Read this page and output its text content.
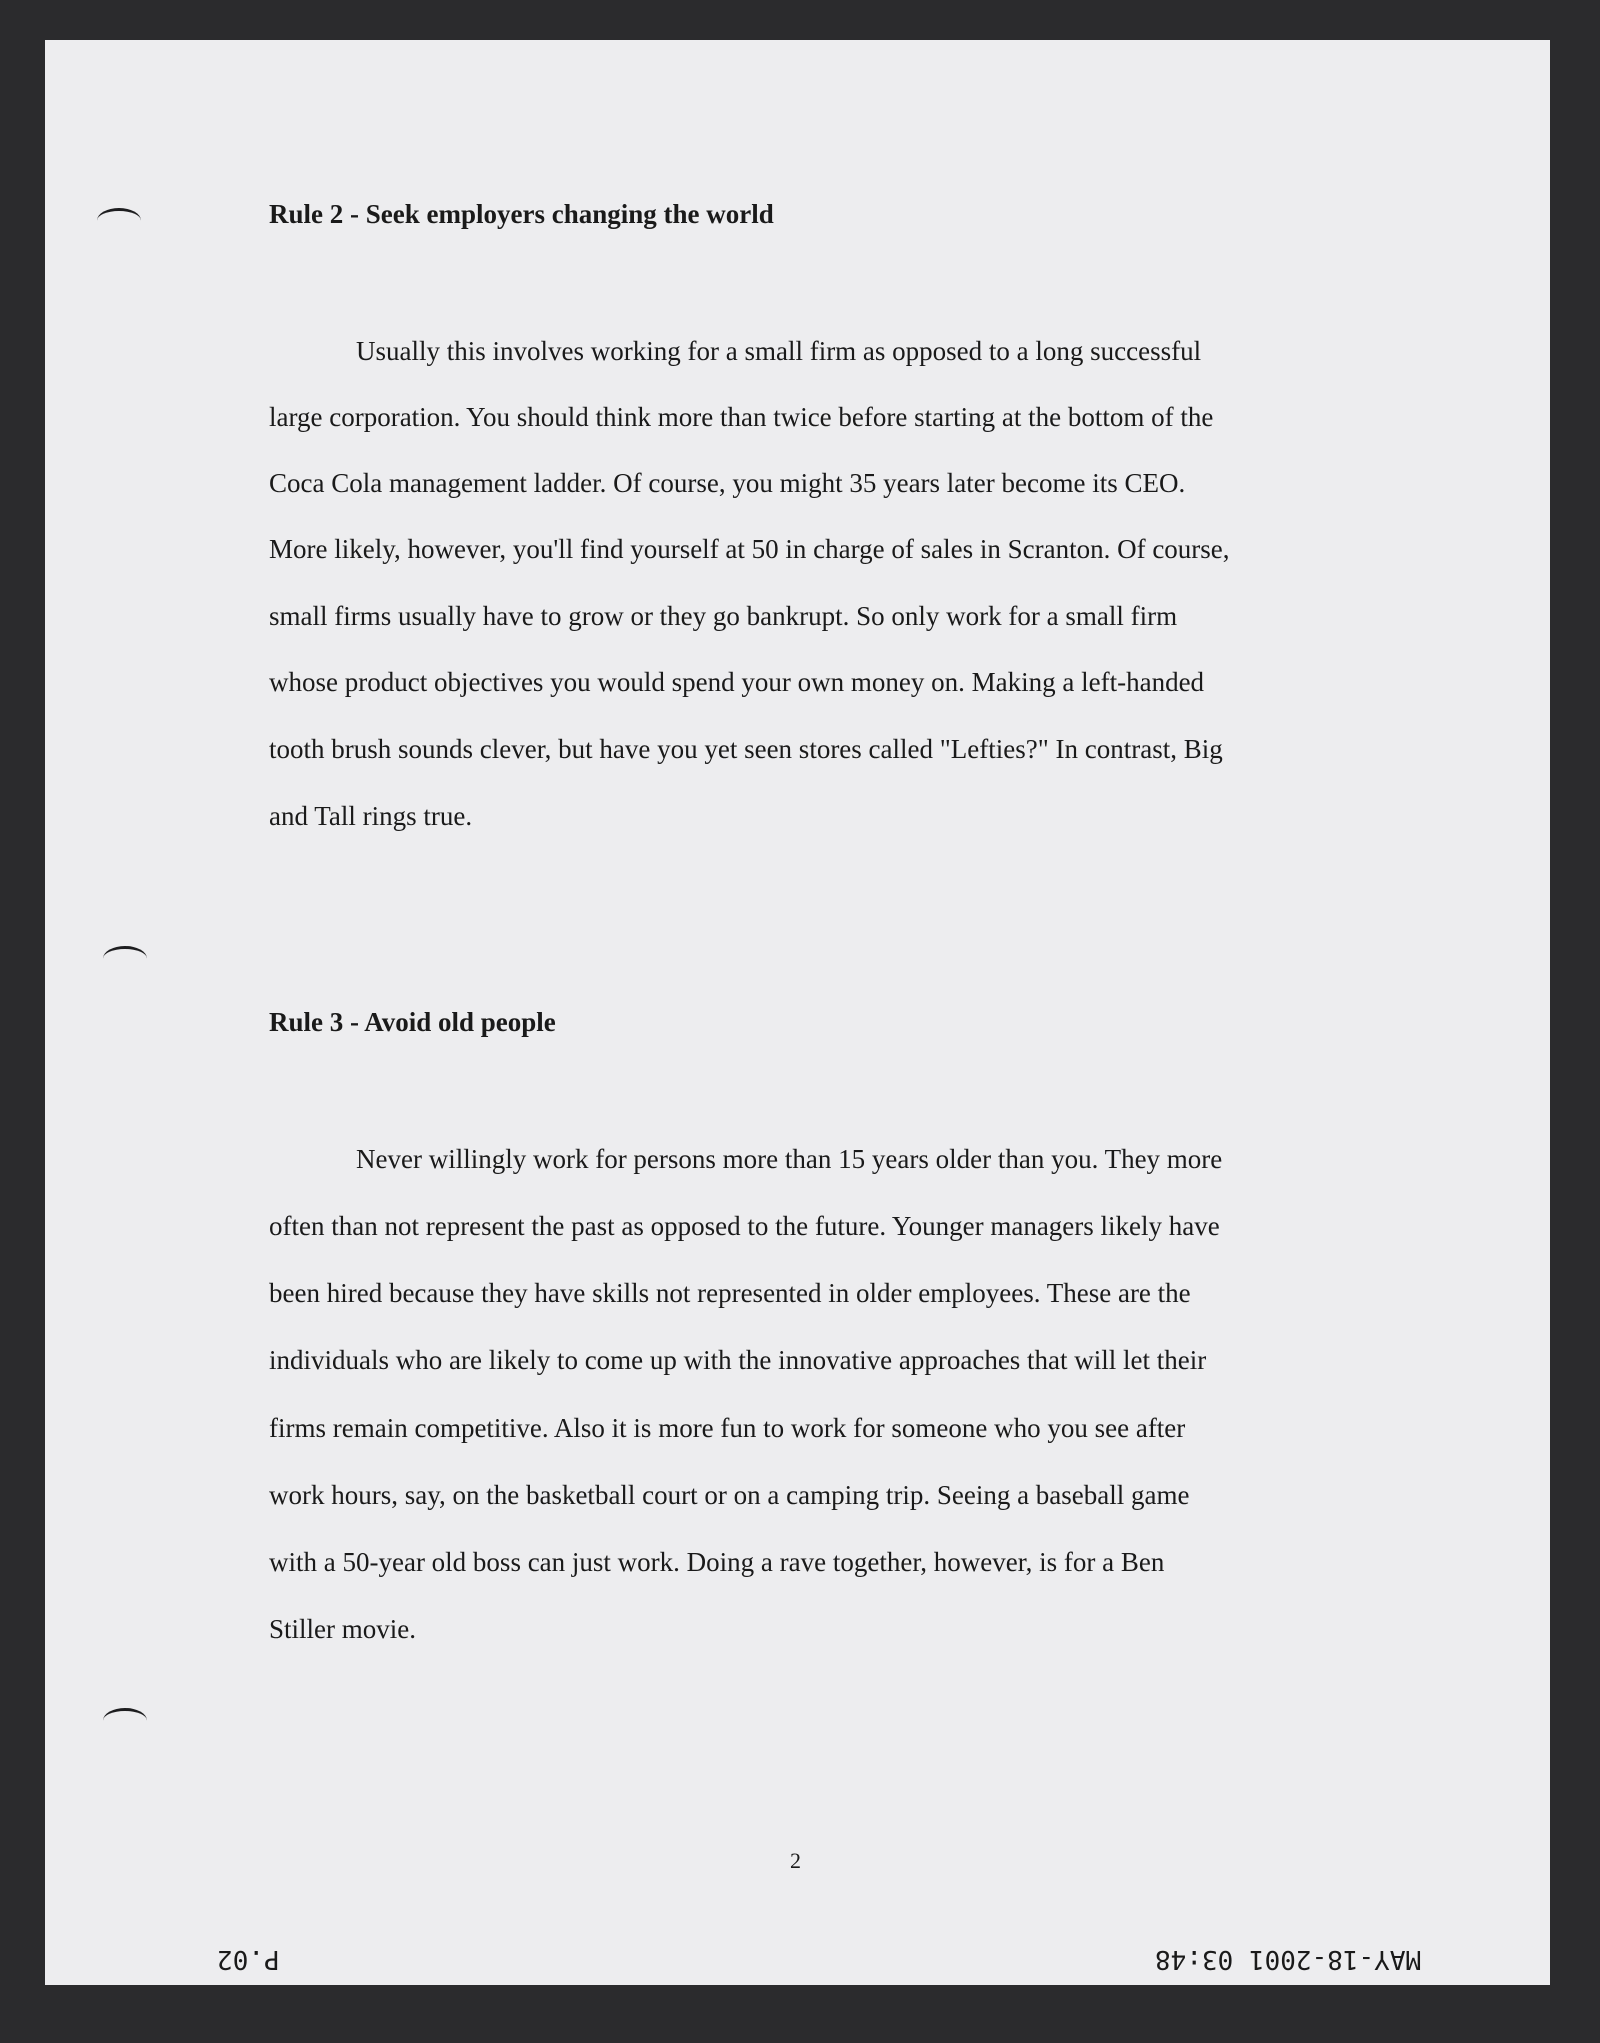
Rule 2 - Seek employers changing the world

Usually this involves working for a small firm as opposed to a long successful

large corporation. You should think more than twice before starting at the bottom of the

Coca Cola management ladder. Of course, you might 35 years later become its CEO.

More likely, however, you'll find yourself at 50 in charge of sales in Scranton. Of course,

small firms usually have to grow or they go bankrupt. So only work for a small firm

whose product objectives you would spend your own money on. Making a left-handed

tooth brush sounds clever, but have you yet seen stores called "Lefties?" In contrast, Big

and Tall rings true.

Rule 3 - Avoid old people

Never willingly work for persons more than 15 years older than you. They more

often than not represent the past as opposed to the future. Younger managers likely have

been hired because they have skills not represented in older employees. These are the

individuals who are likely to come up with the innovative approaches that will let their

firms remain competitive. Also it is more fun to work for someone who you see after

work hours, say, on the basketball court or on a camping trip. Seeing a baseball game

with a 50-year old boss can just work. Doing a rave together, however, is for a Ben

Stiller movie.

2
MAY-18-2001 03:48
P.02
